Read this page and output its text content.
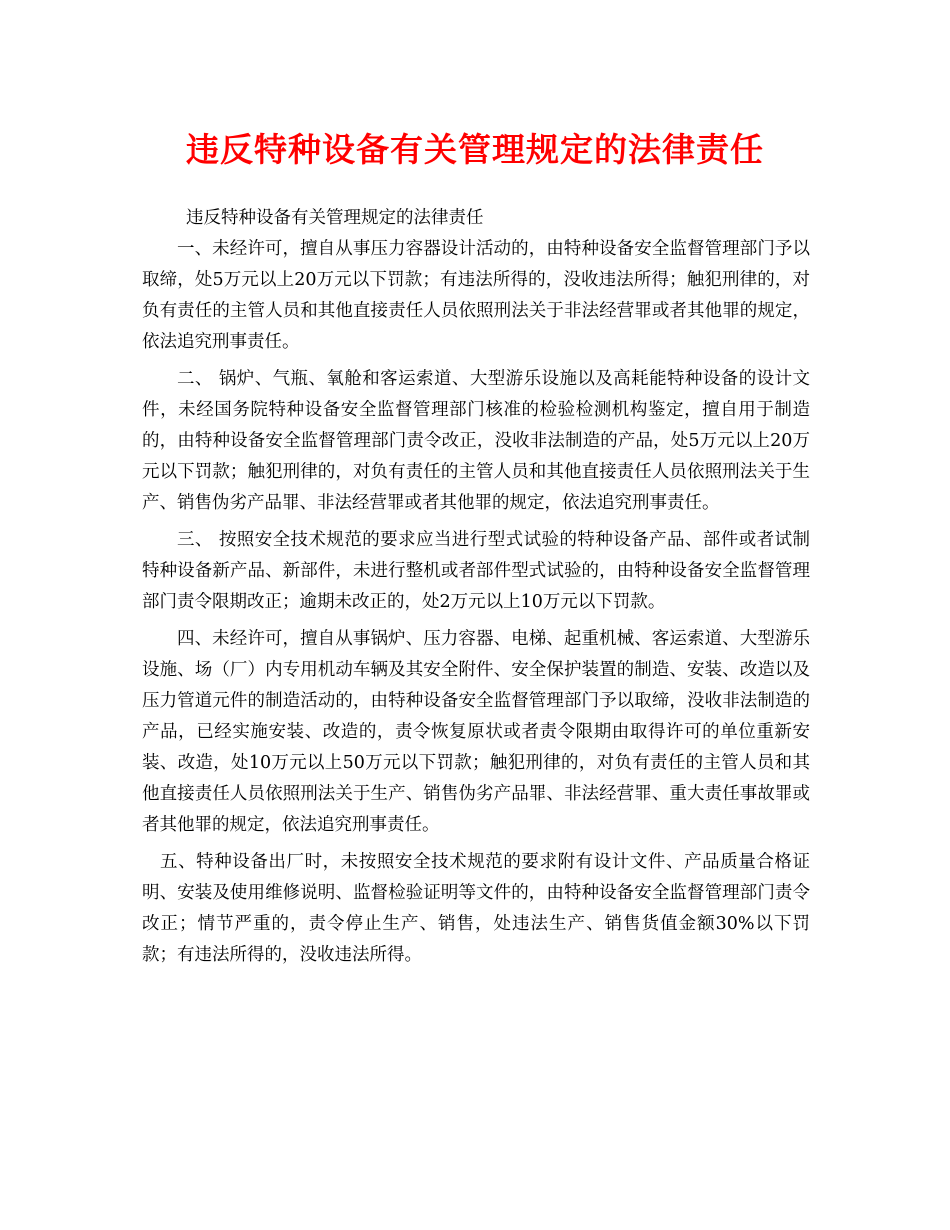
违反特种设备有关管理规定的法律责任

违反特种设备有关管理规定的法律责任

一、未经许可，擅自从事压力容器设计活动的，由特种设备安全监督管理部门予以取缔，处5万元以上20万元以下罚款；有违法所得的，没收违法所得；触犯刑律的，对负有责任的主管人员和其他直接责任人员依照刑法关于非法经营罪或者其他罪的规定，依法追究刑事责任。

二、 锅炉、气瓶、氧舱和客运索道、大型游乐设施以及高耗能特种设备的设计文件，未经国务院特种设备安全监督管理部门核准的检验检测机构鉴定，擅自用于制造的，由特种设备安全监督管理部门责令改正，没收非法制造的产品，处5万元以上20万元以下罚款；触犯刑律的，对负有责任的主管人员和其他直接责任人员依照刑法关于生产、销售伪劣产品罪、非法经营罪或者其他罪的规定，依法追究刑事责任。

三、 按照安全技术规范的要求应当进行型式试验的特种设备产品、部件或者试制特种设备新产品、新部件，未进行整机或者部件型式试验的，由特种设备安全监督管理部门责令限期改正；逾期未改正的，处2万元以上10万元以下罚款。

四、未经许可，擅自从事锅炉、压力容器、电梯、起重机械、客运索道、大型游乐设施、场（厂）内专用机动车辆及其安全附件、安全保护装置的制造、安装、改造以及压力管道元件的制造活动的，由特种设备安全监督管理部门予以取缔，没收非法制造的产品，已经实施安装、改造的，责令恢复原状或者责令限期由取得许可的单位重新安装、改造，处10万元以上50万元以下罚款；触犯刑律的，对负有责任的主管人员和其他直接责任人员依照刑法关于生产、销售伪劣产品罪、非法经营罪、重大责任事故罪或者其他罪的规定，依法追究刑事责任。

五、特种设备出厂时，未按照安全技术规范的要求附有设计文件、产品质量合格证明、安装及使用维修说明、监督检验证明等文件的，由特种设备安全监督管理部门责令改正；情节严重的，责令停止生产、销售，处违法生产、销售货值金额30%以下罚款；有违法所得的，没收违法所得。
